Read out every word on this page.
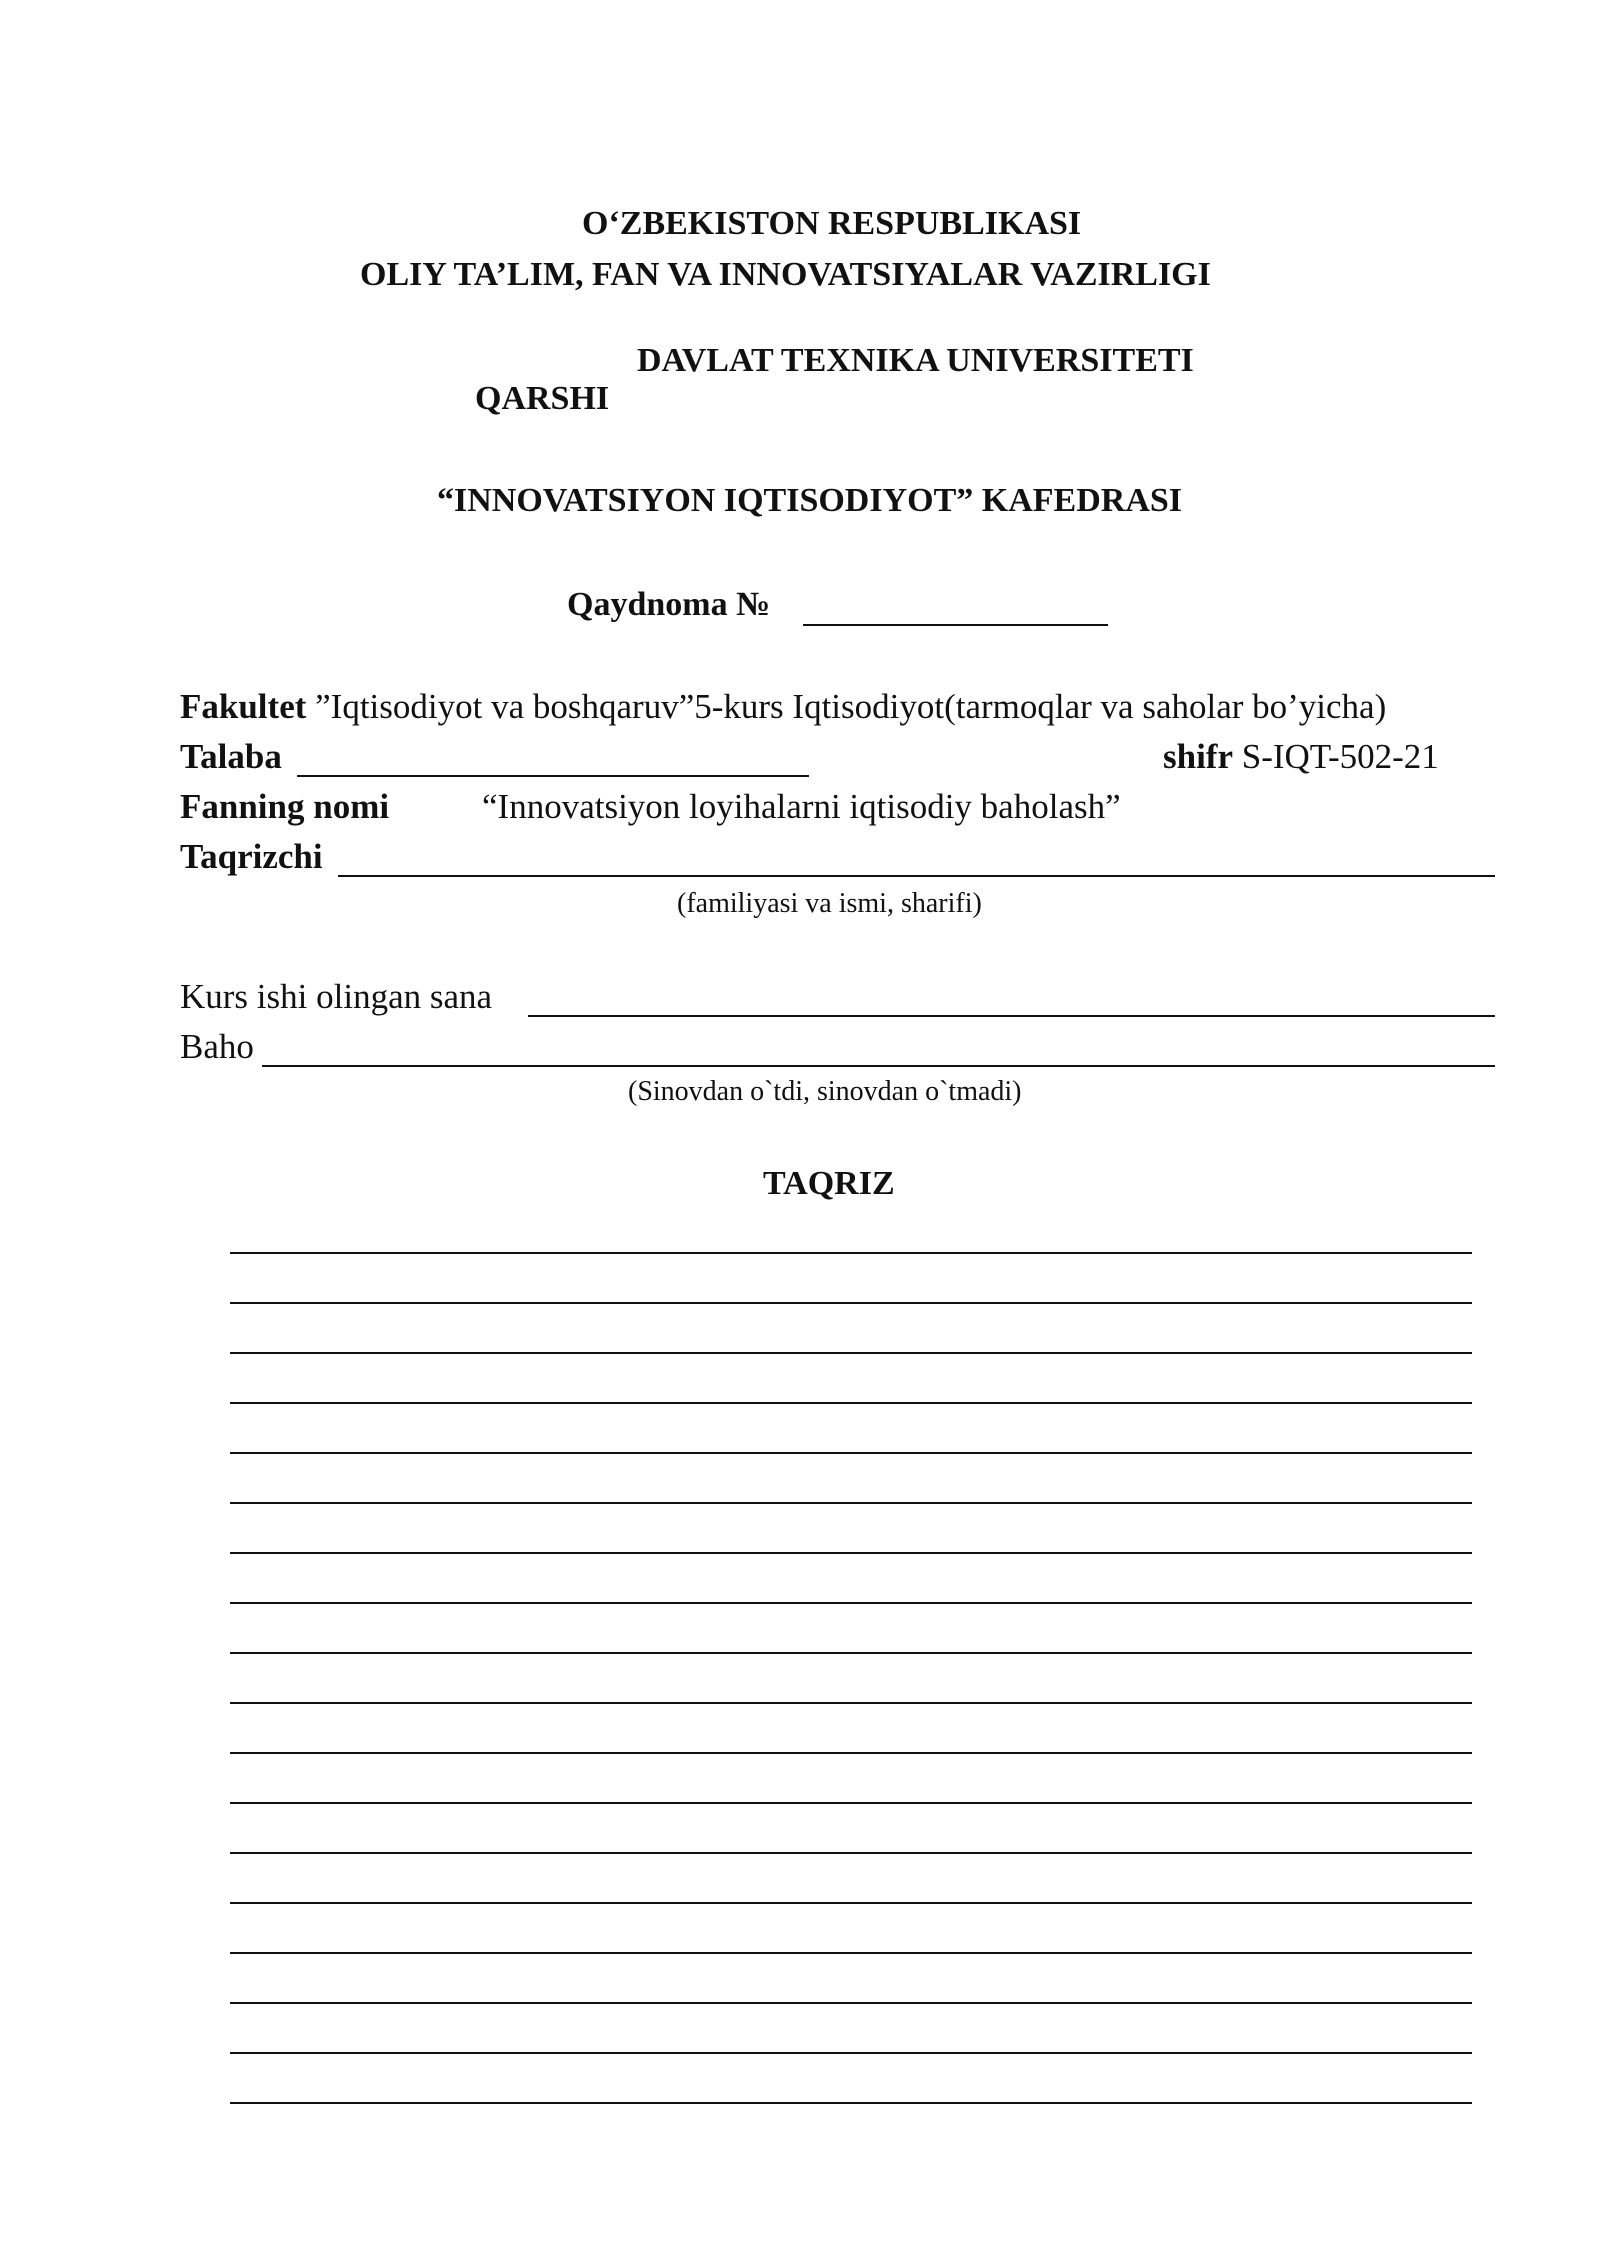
O‘ZBEKISTON RESPUBLIKASI
OLIY TA’LIM, FAN VA INNOVATSIYALAR VAZIRLIGI
DAVLAT TEXNIKA UNIVERSITETI
QARSHI
“INNOVATSIYON IQTISODIYOT” KAFEDRASI
Qaydnoma №
Fakultet ”Iqtisodiyot va boshqaruv”5-kurs Iqtisodiyot(tarmoqlar va saholar bo’yicha)
Talaba	shifr S-IQT-502-21
Fanning nomi	“Innovatsiyon loyihalarni iqtisodiy baholash”
Taqrizchi
(familiyasi va ismi, sharifi)
Kurs ishi olingan sana
Baho
(Sinovdan o`tdi, sinovdan o`tmadi)
TAQRIZ
